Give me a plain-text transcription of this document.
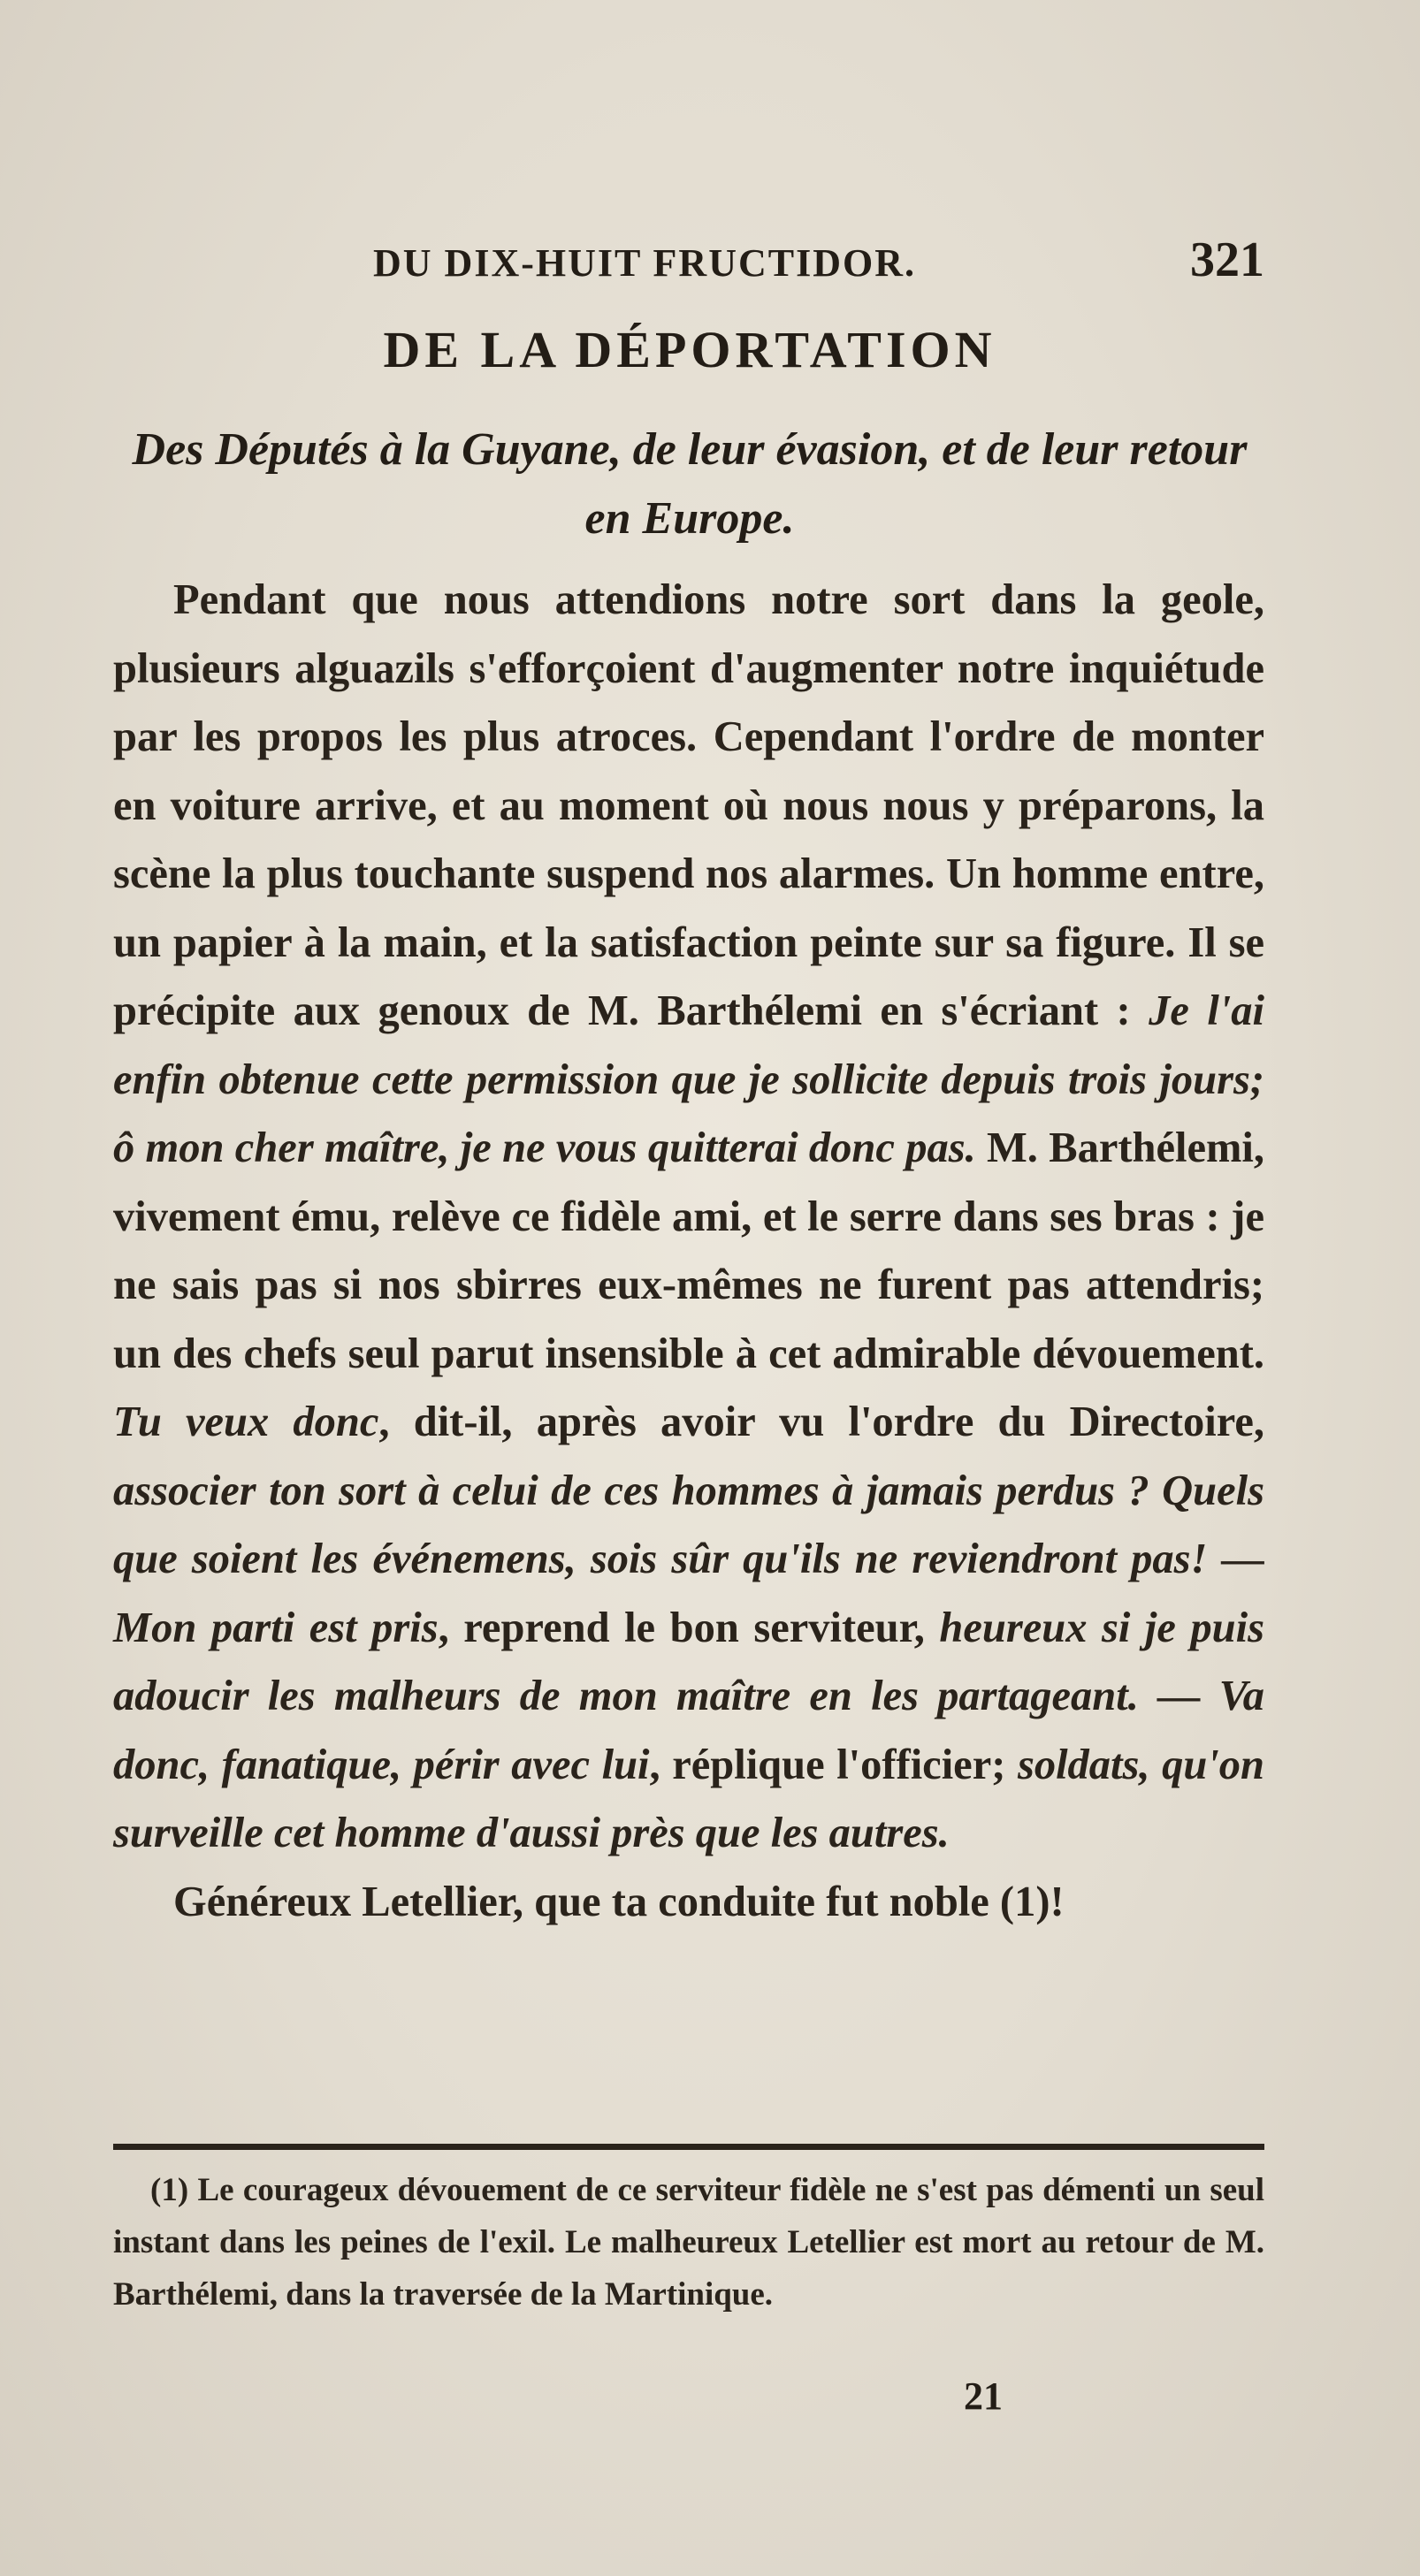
DU DIX-HUIT FRUCTIDOR.	321
DE LA DÉPORTATION
Des Députés à la Guyane, de leur évasion, et de leur retour en Europe.

Pendant que nous attendions notre sort dans la geole, plusieurs alguazils s'efforçoient d'augmenter notre inquiétude par les propos les plus atroces. Cependant l'ordre de monter en voiture arrive, et au moment où nous nous y préparons, la scène la plus touchante suspend nos alarmes. Un homme entre, un papier à la main, et la satisfaction peinte sur sa figure. Il se précipite aux genoux de M. Barthélemi en s'écriant : Je l'ai enfin obtenue cette permission que je sollicite depuis trois jours; ô mon cher maître, je ne vous quitterai donc pas. M. Barthélemi, vivement ému, relève ce fidèle ami, et le serre dans ses bras : je ne sais pas si nos sbirres eux-mêmes ne furent pas attendris; un des chefs seul parut insensible à cet admirable dévouement. Tu veux donc, dit-il, après avoir vu l'ordre du Directoire, associer ton sort à celui de ces hommes à jamais perdus ? Quels que soient les événemens, sois sûr qu'ils ne reviendront pas! — Mon parti est pris, reprend le bon serviteur, heureux si je puis adoucir les malheurs de mon maître en les partageant. — Va donc, fanatique, périr avec lui, réplique l'officier; soldats, qu'on surveille cet homme d'aussi près que les autres.

Généreux Letellier, que ta conduite fut noble (1)!

(1) Le courageux dévouement de ce serviteur fidèle ne s'est pas démenti un seul instant dans les peines de l'exil. Le malheureux Letellier est mort au retour de M. Barthélemi, dans la traversée de la Martinique.

21
